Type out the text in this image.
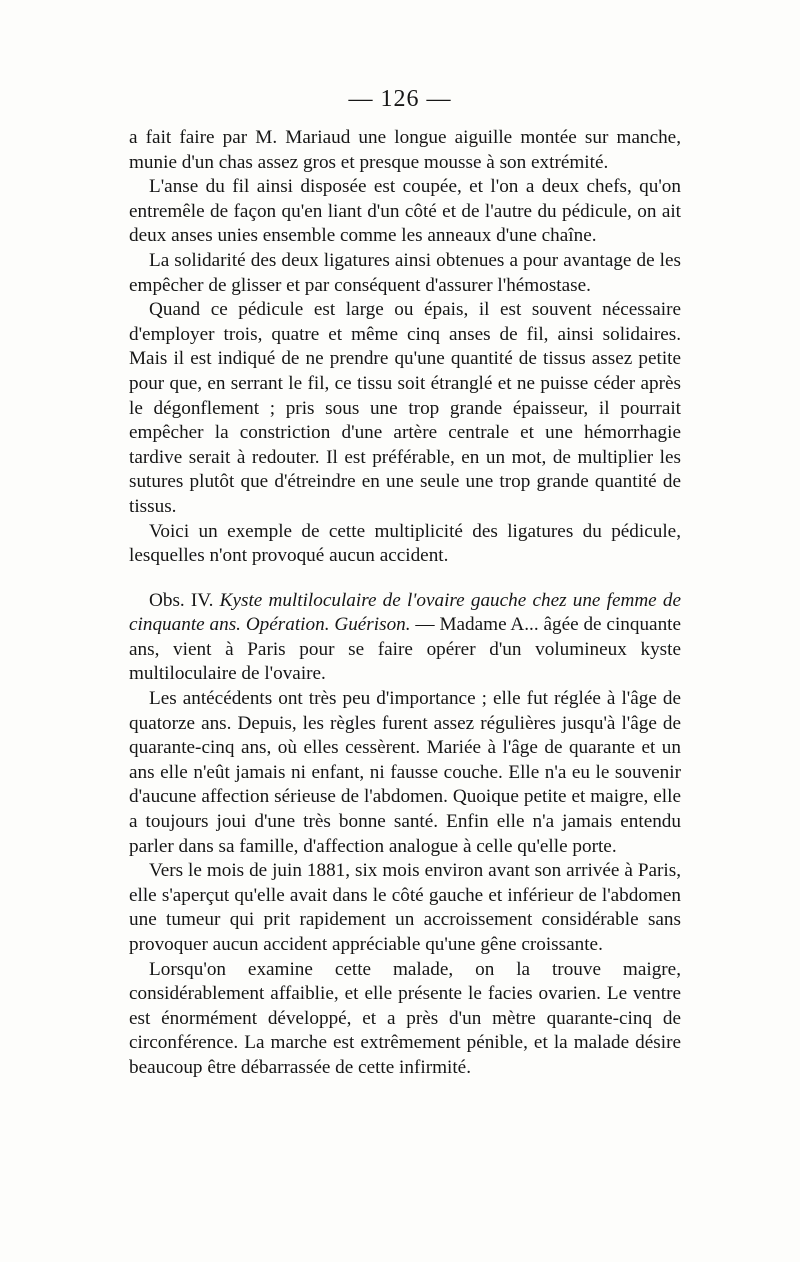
— 126 —

a fait faire par M. Mariaud une longue aiguille montée sur manche, munie d'un chas assez gros et presque mousse à son extrémité.

L'anse du fil ainsi disposée est coupée, et l'on a deux chefs, qu'on entremêle de façon qu'en liant d'un côté et de l'autre du pédicule, on ait deux anses unies ensemble comme les anneaux d'une chaîne.

La solidarité des deux ligatures ainsi obtenues a pour avantage de les empêcher de glisser et par conséquent d'assurer l'hémostase.

Quand ce pédicule est large ou épais, il est souvent nécessaire d'employer trois, quatre et même cinq anses de fil, ainsi solidaires. Mais il est indiqué de ne prendre qu'une quantité de tissus assez petite pour que, en serrant le fil, ce tissu soit étranglé et ne puisse céder après le dégonflement ; pris sous une trop grande épaisseur, il pourrait empêcher la constriction d'une artère centrale et une hémorrhagie tardive serait à redouter. Il est préférable, en un mot, de multiplier les sutures plutôt que d'étreindre en une seule une trop grande quantité de tissus.

Voici un exemple de cette multiplicité des ligatures du pédicule, lesquelles n'ont provoqué aucun accident.

Obs. IV. Kyste multiloculaire de l'ovaire gauche chez une femme de cinquante ans. Opération. Guérison. — Madame A... âgée de cinquante ans, vient à Paris pour se faire opérer d'un volumineux kyste multiloculaire de l'ovaire.

Les antécédents ont très peu d'importance ; elle fut réglée à l'âge de quatorze ans. Depuis, les règles furent assez régulières jusqu'à l'âge de quarante-cinq ans, où elles cessèrent. Mariée à l'âge de quarante et un ans elle n'eût jamais ni enfant, ni fausse couche. Elle n'a eu le souvenir d'aucune affection sérieuse de l'abdomen. Quoique petite et maigre, elle a toujours joui d'une très bonne santé. Enfin elle n'a jamais entendu parler dans sa famille, d'affection analogue à celle qu'elle porte.

Vers le mois de juin 1881, six mois environ avant son arrivée à Paris, elle s'aperçut qu'elle avait dans le côté gauche et inférieur de l'abdomen une tumeur qui prit rapidement un accroissement considérable sans provoquer aucun accident appréciable qu'une gêne croissante.

Lorsqu'on examine cette malade, on la trouve maigre, considérablement affaiblie, et elle présente le facies ovarien. Le ventre est énormément développé, et a près d'un mètre quarante-cinq de circonférence. La marche est extrêmement pénible, et la malade désire beaucoup être débarrassée de cette infirmité.
